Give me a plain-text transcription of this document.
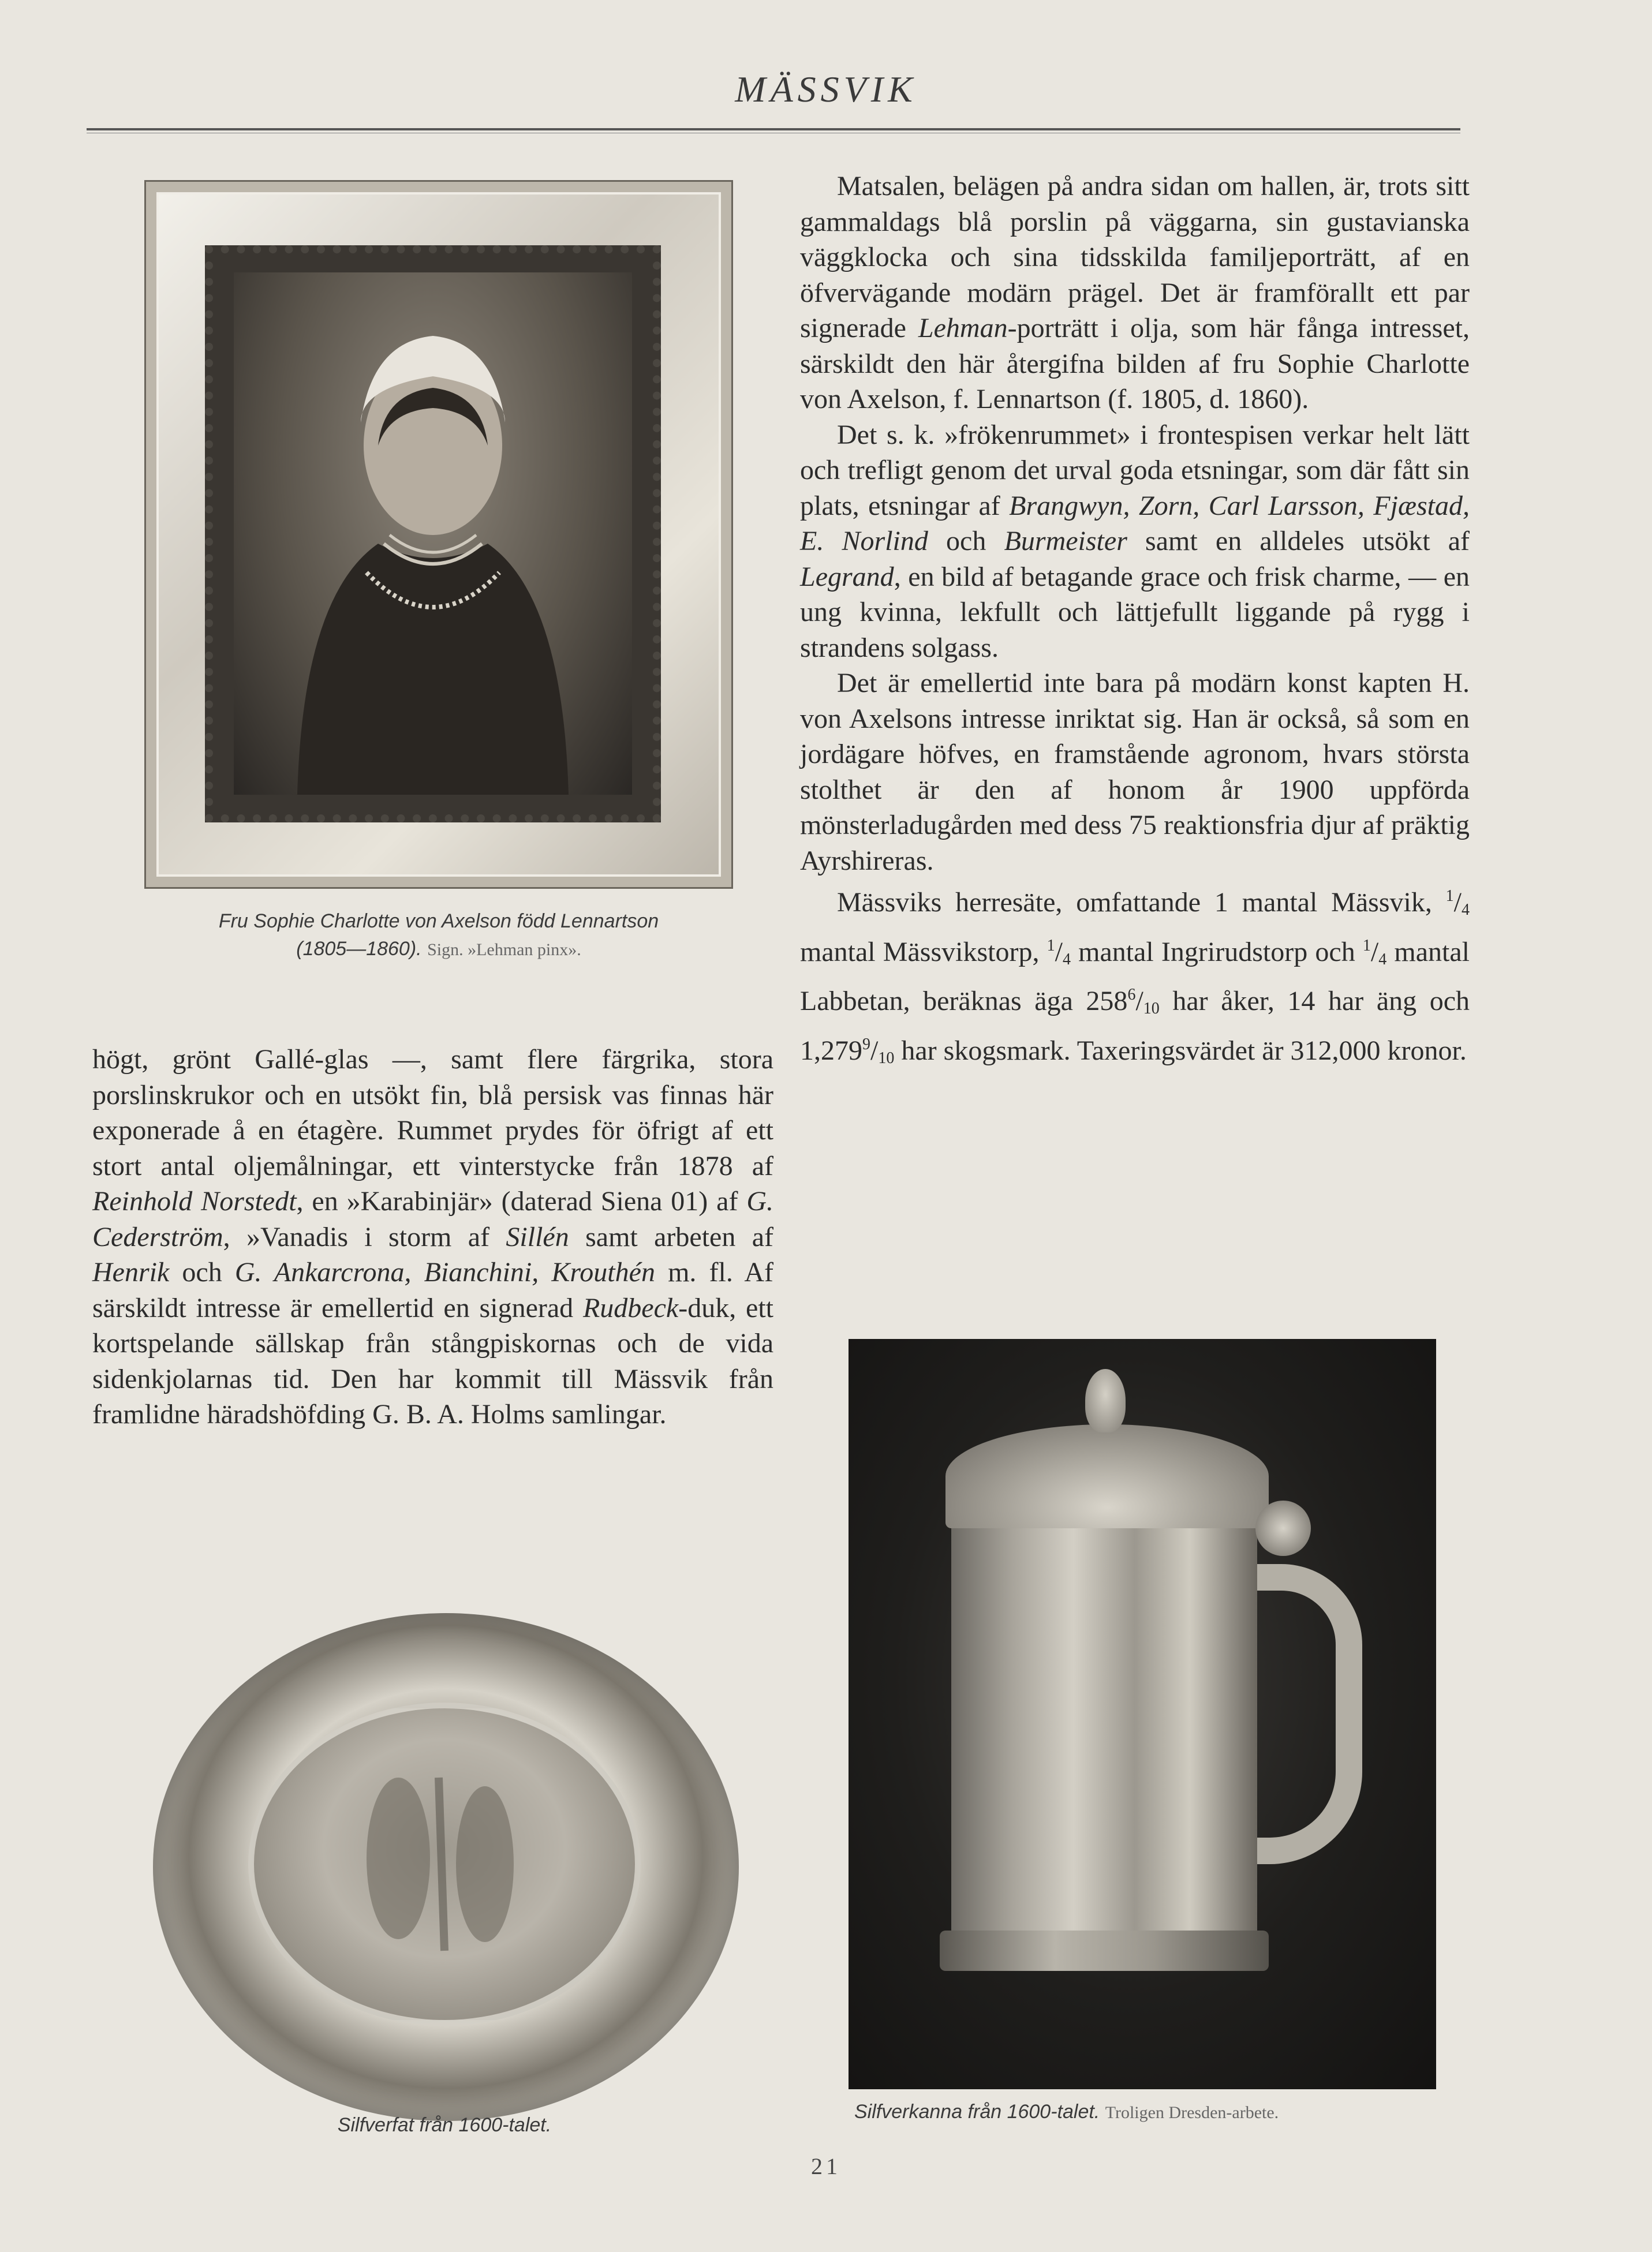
MÄSSVIK
Fru Sophie Charlotte von Axelson född Lennartson
(1805—1860). Sign. »Lehman pinx».

Matsalen, belägen på andra sidan om hallen, är, trots sitt gammaldags blå porslin på väggarna, sin gustavianska väggklocka och sina tidsskilda familjeporträtt, af en öfvervägande modärn prägel. Det är framförallt ett par signerade Lehman-porträtt i olja, som här fånga intresset, särskildt den här återgifna bilden af fru Sophie Charlotte von Axelson, f. Lennartson (f. 1805, d. 1860).

Det s. k. »frökenrummet» i frontespisen verkar helt lätt och trefligt genom det urval goda etsningar, som där fått sin plats, etsningar af Brangwyn, Zorn, Carl Larsson, Fjæstad, E. Norlind och Burmeister samt en alldeles utsökt af Legrand, en bild af betagande grace och frisk charme, — en ung kvinna, lekfullt och lättjefullt liggande på rygg i strandens solgass.

Det är emellertid inte bara på modärn konst kapten H. von Axelsons intresse inriktat sig. Han är också, så som en jordägare höfves, en framstående agronom, hvars största stolthet är den af honom år 1900 uppförda mönsterladugården med dess 75 reaktionsfria djur af präktig Ayrshireras.

Mässviks herresäte, omfattande 1 mantal Mässvik, $^1/_4$ mantal Mässvikstorp, $^1/_4$ mantal Ingrirudstorp och $^1/_4$ mantal Labbetan, beräknas äga $258^6/_{10}$ har åker, 14 har äng och $1,279^9/_{10}$ har skogsmark. Taxeringsvärdet är 312,000 kronor.

högt, grönt Gallé-glas —, samt flere färgrika, stora porslinskrukor och en utsökt fin, blå persisk vas finnas här exponerade å en étagère. Rummet prydes för öfrigt af ett stort antal oljemålningar, ett vinterstycke från 1878 af Reinhold Norstedt, en »Karabinjär» (daterad Siena 01) af G. Cederström, »Vanadis i storm af Sillén samt arbeten af Henrik och G. Ankarcrona, Bianchini, Krouthén m. fl. Af särskildt intresse är emellertid en signerad Rudbeck-duk, ett kortspelande sällskap från stångpiskornas och de vida sidenkjolarnas tid. Den har kommit till Mässvik från framlidne häradshöfding G. B. A. Holms samlingar.

Silfverfat från 1600-talet.
Silfverkanna från 1600-talet. Troligen Dresden-arbete.
21
